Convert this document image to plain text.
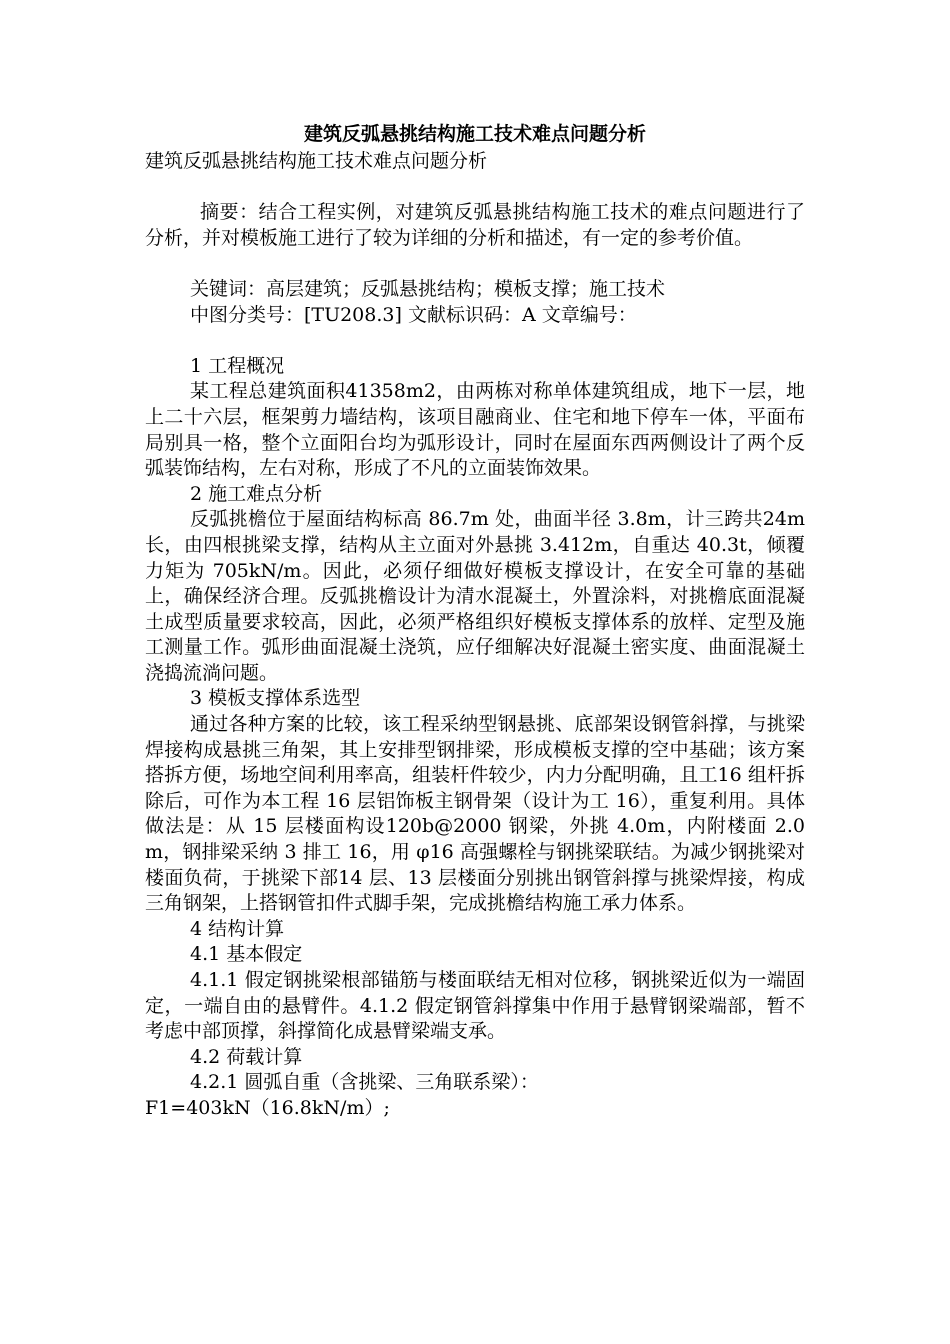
建筑反弧悬挑结构施工技术难点问题分析

建筑反弧悬挑结构施工技术难点问题分析

摘要：结合工程实例，对建筑反弧悬挑结构施工技术的难点问题进行了分析，并对模板施工进行了较为详细的分析和描述，有一定的参考价值。

关键词：高层建筑；反弧悬挑结构；模板支撑；施工技术

中图分类号：[TU208.3] 文献标识码：A 文章编号：

1 工程概况

某工程总建筑面积41358m2，由两栋对称单体建筑组成，地下一层，地上二十六层，框架剪力墙结构，该项目融商业、住宅和地下停车一体，平面布局别具一格，整个立面阳台均为弧形设计，同时在屋面东西两侧设计了两个反弧装饰结构，左右对称，形成了不凡的立面装饰效果。

2 施工难点分析

反弧挑檐位于屋面结构标高 86.7m 处，曲面半径 3.8m，计三跨共24m 长，由四根挑梁支撑，结构从主立面对外悬挑 3.412m，自重达 40.3t，倾覆力矩为 705kN/m。因此，必须仔细做好模板支撑设计，在安全可靠的基础上，确保经济合理。反弧挑檐设计为清水混凝土，外置涂料，对挑檐底面混凝土成型质量要求较高，因此，必须严格组织好模板支撑体系的放样、定型及施工测量工作。弧形曲面混凝土浇筑，应仔细解决好混凝土密实度、曲面混凝土浇捣流淌问题。

3 模板支撑体系选型

通过各种方案的比较，该工程采纳型钢悬挑、底部架设钢管斜撑，与挑梁焊接构成悬挑三角架，其上安排型钢排梁，形成模板支撑的空中基础；该方案搭拆方便，场地空间利用率高，组装杆件较少，内力分配明确，且工16 组杆拆除后，可作为本工程 16 层铝饰板主钢骨架（设计为工 16），重复利用。具体做法是：从 15 层楼面构设120b@2000 钢梁，外挑 4.0m，内附楼面 2.0m，钢排梁采纳 3 排工 16，用 φ16 高强螺栓与钢挑梁联结。为减少钢挑梁对楼面负荷，于挑梁下部14 层、13 层楼面分别挑出钢管斜撑与挑梁焊接，构成三角钢架，上搭钢管扣件式脚手架，完成挑檐结构施工承力体系。

4 结构计算

4.1 基本假定

4.1.1 假定钢挑梁根部锚筋与楼面联结无相对位移，钢挑梁近似为一端固定，一端自由的悬臂件。4.1.2 假定钢管斜撑集中作用于悬臂钢梁端部，暂不考虑中部顶撑，斜撑简化成悬臂梁端支承。

4.2 荷载计算

4.2.1 圆弧自重（含挑梁、三角联系梁）：

F1=403kN（16.8kN/m）;
